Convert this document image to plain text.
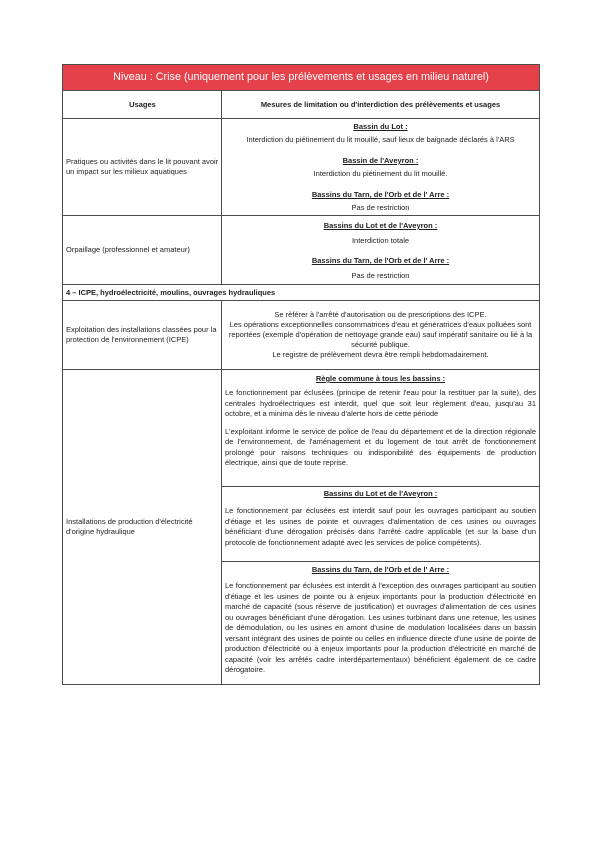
Niveau : Crise (uniquement pour les prélèvements et usages en milieu naturel)
Usages	Mesures de limitation ou d'interdiction des prélèvements et usages
Pratiques ou activités dans le lit pouvant avoir un impact sur les milieux aquatiques
Bassin du Lot :
Interdiction du piétinement du lit mouillé, sauf lieux de baignade déclarés à l'ARS
Bassin de l'Aveyron :
Interdiction du piétinement du lit mouillé.
Bassins du Tarn, de l'Orb et de l' Arre :
Pas de restriction
Orpaillage (professionnel et amateur)
Bassins du Lot et de l'Aveyron :
Interdiction totale
Bassins du Tarn, de l'Orb et de l' Arre :
Pas de restriction
4 – ICPE, hydroélectricité, moulins, ouvrages hydrauliques
Exploitation des installations classées pour la protection de l'environnement (ICPE)
Se référer à l'arrêté d'autorisation ou de prescriptions des ICPE.
Les opérations exceptionnelles consommatrices d'eau et génératrices d'eaux polluées sont reportées (exemple d'opération de nettoyage grande eau) sauf impératif sanitaire ou lié à la sécurité publique.
Le registre de prélèvement devra être rempli hebdomadairement.
Installations de production d'électricité d'origine hydraulique
Règle commune à tous les bassins :

Le fonctionnement par éclusées (principe de retenir l'eau pour la restituer par la suite), des centrales hydroélectriques est interdit, quel que soit leur règlement d'eau, jusqu'au 31 octobre, et a minima dès le niveau d'alerte hors de cette période

L'exploitant informe le service de police de l'eau du département et de la direction régionale de l'environnement, de l'aménagement et du logement de tout arrêt de fonctionnement prolongé pour raisons techniques ou indisponibilité des équipements de production électrique, ainsi que de toute reprise.

Bassins du Lot et de l'Aveyron :

Le fonctionnement par éclusées est interdit sauf pour les ouvrages participant au soutien d'étiage et les usines de pointe et ouvrages d'alimentation de ces usines ou ouvrages bénéficiant d'une dérogation précisés dans l'arrêté cadre applicable (et sur la base d'un protocole de fonctionnement adapté avec les services de police compétents).

Bassins du Tarn, de l'Orb et de l' Arre :

Le fonctionnement par éclusées est interdit à l'exception des ouvrages participant au soutien d'étiage et les usines de pointe ou à enjeux importants pour la production d'électricité en marché de capacité (sous réserve de justification) et ouvrages d'alimentation de ces usines ou ouvrages bénéficiant d'une dérogation. Les usines turbinant dans une retenue, les usines de démodulation, ou les usines en amont d'usine de modulation localisées dans un bassin versant intégrant des usines de pointe ou celles en influence directe d'une usine de pointe de production d'électricité ou à enjeux importants pour la production d'électricité en marché de capacité (voir les arrêtés cadre interdépartementaux) bénéficient également de ce cadre dérogatoire.
